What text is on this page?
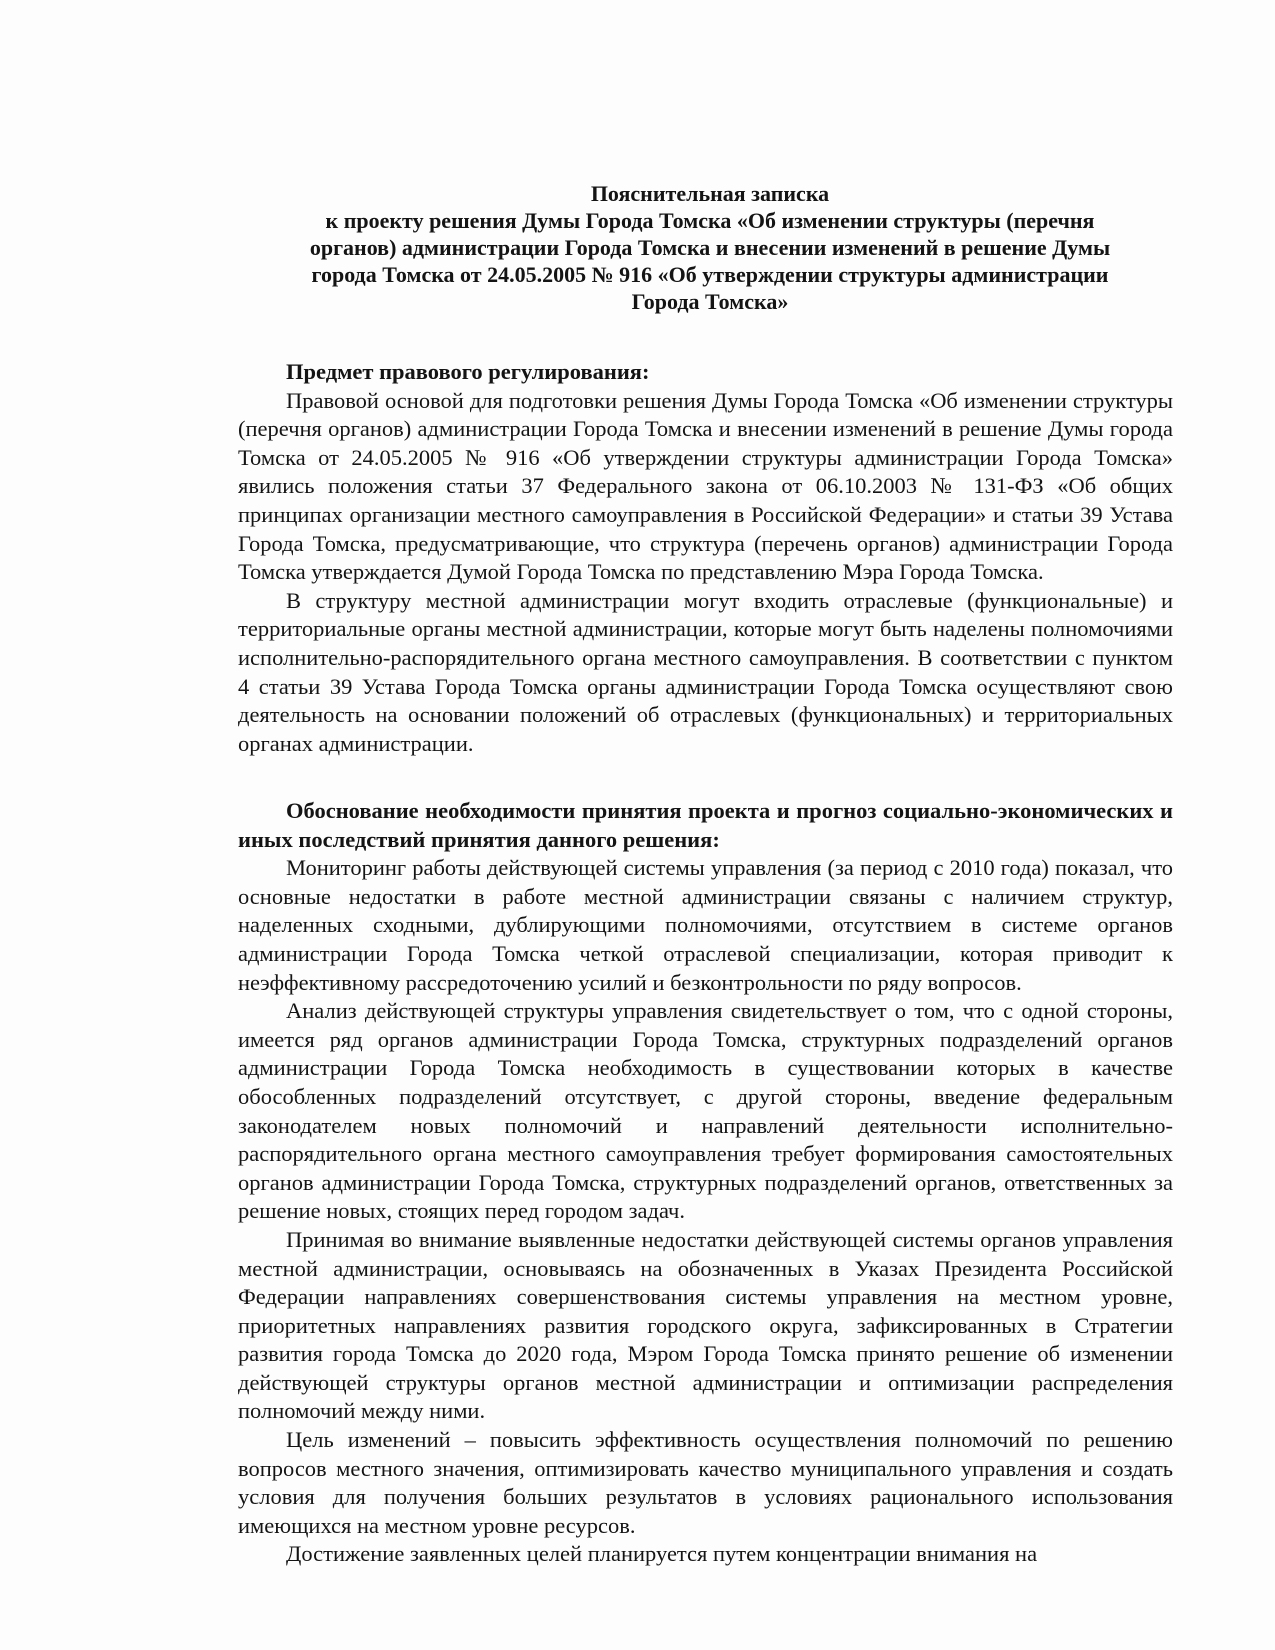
Пояснительная записка
к проекту решения Думы Города Томска «Об изменении структуры (перечня
органов) администрации Города Томска и внесении изменений в решение Думы
города Томска от 24.05.2005 № 916 «Об утверждении структуры администрации
Города Томска»
Предмет правового регулирования:

Правовой основой для подготовки решения Думы Города Томска «Об изменении структуры (перечня органов) администрации Города Томска и внесении изменений в решение Думы города Томска от 24.05.2005 № 916 «Об утверждении структуры администрации Города Томска» явились положения статьи 37 Федерального закона от 06.10.2003 № 131-ФЗ «Об общих принципах организации местного самоуправления в Российской Федерации» и статьи 39 Устава Города Томска, предусматривающие, что структура (перечень органов) администрации Города Томска утверждается Думой Города Томска по представлению Мэра Города Томска.

В структуру местной администрации могут входить отраслевые (функциональные) и территориальные органы местной администрации, которые могут быть наделены полномочиями исполнительно-распорядительного органа местного самоуправления. В соответствии с пунктом 4 статьи 39 Устава Города Томска органы администрации Города Томска осуществляют свою деятельность на основании положений об отраслевых (функциональных) и территориальных органах администрации.

Обоснование необходимости принятия проекта и прогноз социально-экономических и иных последствий принятия данного решения:

Мониторинг работы действующей системы управления (за период с 2010 года) показал, что основные недостатки в работе местной администрации связаны с наличием структур, наделенных сходными, дублирующими полномочиями, отсутствием в системе органов администрации Города Томска четкой отраслевой специализации, которая приводит к неэффективному рассредоточению усилий и безконтрольности по ряду вопросов.

Анализ действующей структуры управления свидетельствует о том, что с одной стороны, имеется ряд органов администрации Города Томска, структурных подразделений органов администрации Города Томска необходимость в существовании которых в качестве обособленных подразделений отсутствует, с другой стороны, введение федеральным законодателем новых полномочий и направлений деятельности исполнительно-распорядительного органа местного самоуправления требует формирования самостоятельных органов администрации Города Томска, структурных подразделений органов, ответственных за решение новых, стоящих перед городом задач.

Принимая во внимание выявленные недостатки действующей системы органов управления местной администрации, основываясь на обозначенных в Указах Президента Российской Федерации направлениях совершенствования системы управления на местном уровне, приоритетных направлениях развития городского округа, зафиксированных в Стратегии развития города Томска до 2020 года, Мэром Города Томска принято решение об изменении действующей структуры органов местной администрации и оптимизации распределения полномочий между ними.

Цель изменений – повысить эффективность осуществления полномочий по решению вопросов местного значения, оптимизировать качество муниципального управления и создать условия для получения больших результатов в условиях рационального использования имеющихся на местном уровне ресурсов.

Достижение заявленных целей планируется путем концентрации внимания на
